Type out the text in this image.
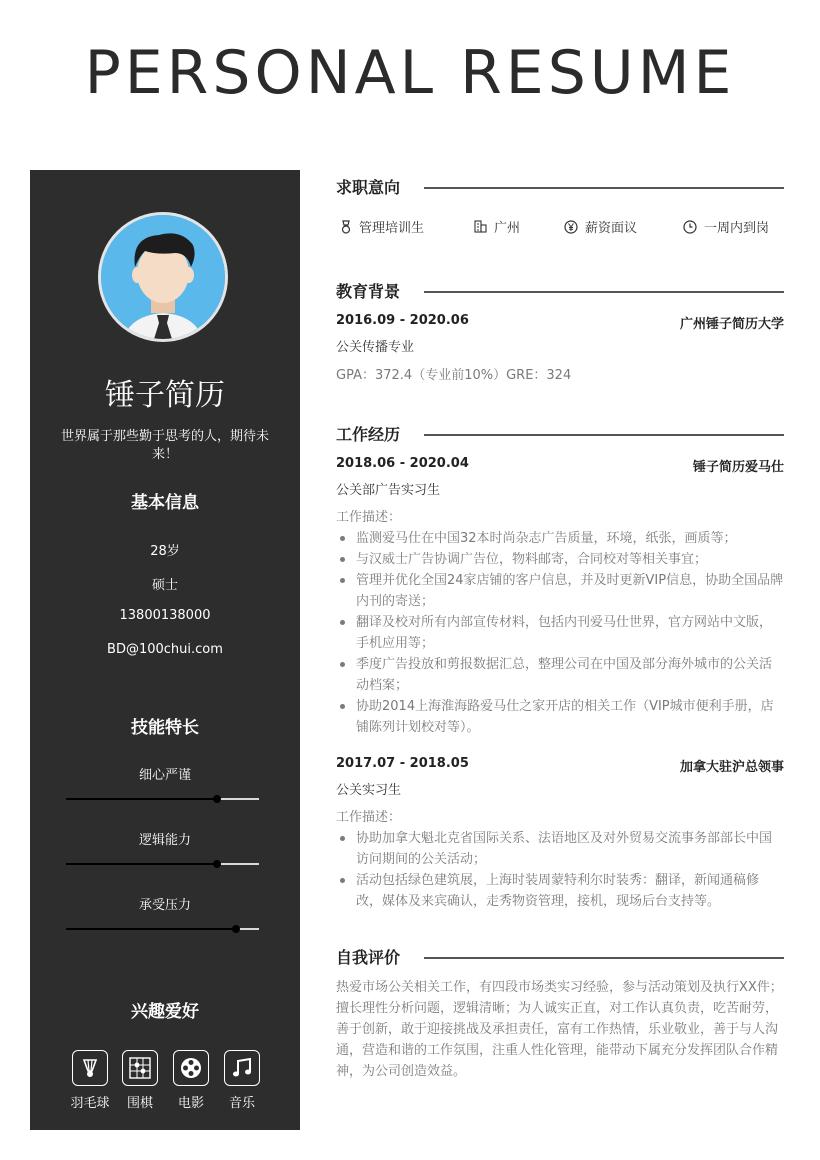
PERSONAL RESUME
锤子简历
世界属于那些勤于思考的人，期待未来！
基本信息
28岁
硕士
13800138000
BD@100chui.com
技能特长
细心严谨
逻辑能力
承受压力
兴趣爱好
羽毛球	围棋	电影	音乐
求职意向
管理培训生	广州	薪资面议	一周内到岗
教育背景
2016.09 - 2020.06	广州锤子简历大学
公关传播专业
GPA：372.4（专业前10%）GRE：324
工作经历
2018.06 - 2020.04	锤子简历爱马仕
公关部广告实习生
工作描述：
监测爱马仕在中国32本时尚杂志广告质量，环境，纸张，画质等；
与汉威士广告协调广告位，物料邮寄，合同校对等相关事宜；
管理并优化全国24家店铺的客户信息，并及时更新VIP信息，协助全国品牌内刊的寄送；
翻译及校对所有内部宣传材料，包括内刊爱马仕世界，官方网站中文版，手机应用等；
季度广告投放和剪报数据汇总，整理公司在中国及部分海外城市的公关活动档案；
协助2014上海淮海路爱马仕之家开店的相关工作（VIP城市便利手册，店铺陈列计划校对等）。
2017.07 - 2018.05	加拿大驻沪总领事
公关实习生
工作描述：
协助加拿大魁北克省国际关系、法语地区及对外贸易交流事务部部长中国访问期间的公关活动；
活动包括绿色建筑展，上海时装周蒙特利尔时装秀：翻译，新闻通稿修改，媒体及来宾确认，走秀物资管理，接机，现场后台支持等。
自我评价
热爱市场公关相关工作，有四段市场类实习经验，参与活动策划及执行XX件；擅长理性分析问题，逻辑清晰；为人诚实正直，对工作认真负责，吃苦耐劳，善于创新，敢于迎接挑战及承担责任，富有工作热情，乐业敬业，善于与人沟通，营造和谐的工作氛围，注重人性化管理，能带动下属充分发挥团队合作精神，为公司创造效益。
